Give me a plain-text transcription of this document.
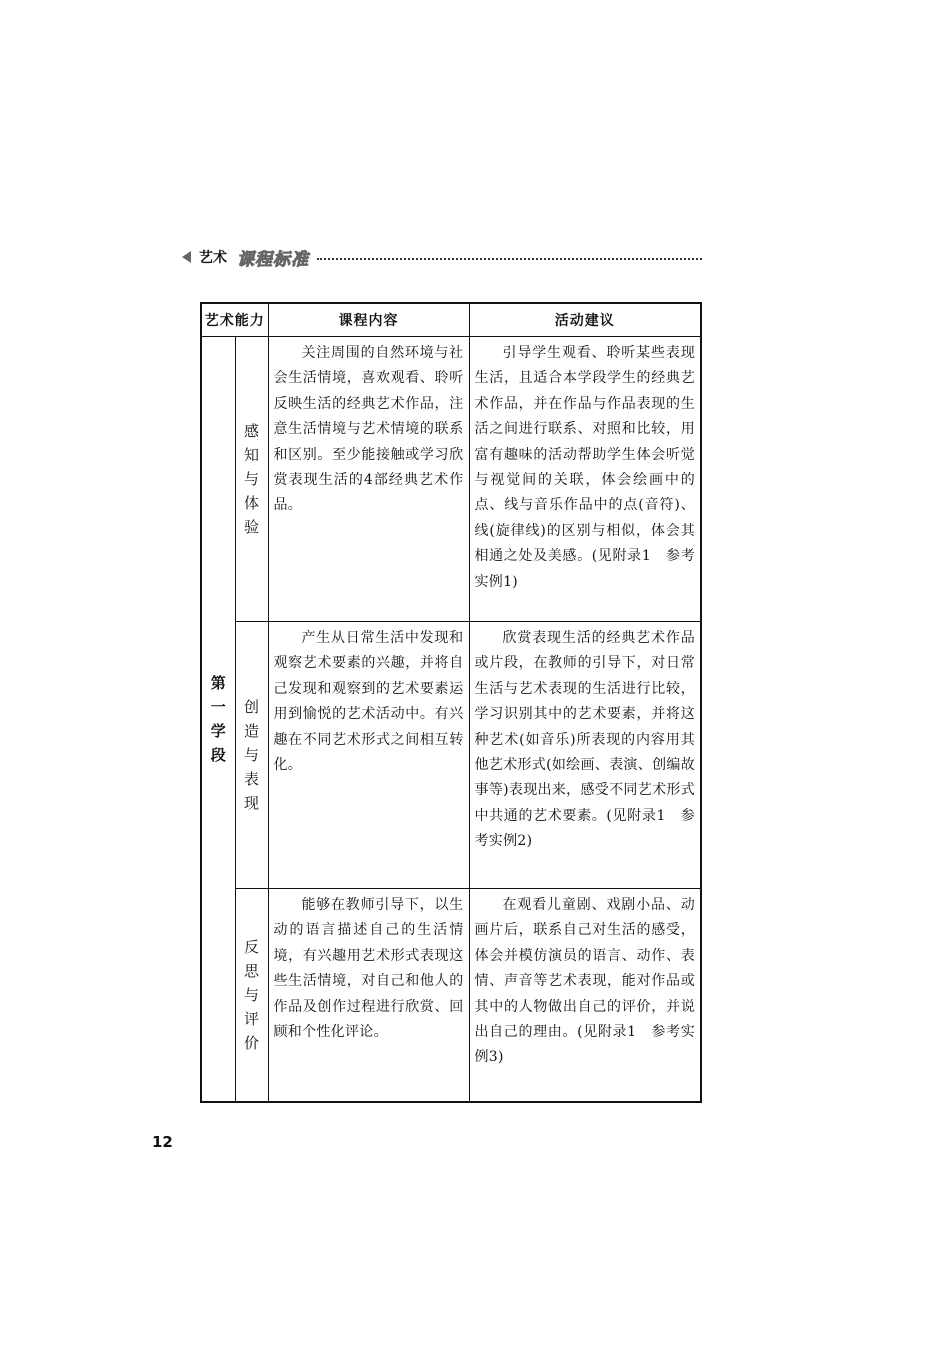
艺术 课程标准
艺术能力		课程内容	活动建议
第一学段	感知与体验	关注周围的自然环境与社会生活情境，喜欢观看、聆听反映生活的经典艺术作品，注意生活情境与艺术情境的联系和区别。至少能接触或学习欣赏表现生活的4部经典艺术作品。	引导学生观看、聆听某些表现生活，且适合本学段学生的经典艺术作品，并在作品与作品表现的生活之间进行联系、对照和比较，用富有趣味的活动帮助学生体会听觉与视觉间的关联，体会绘画中的点、线与音乐作品中的点(音符)、线(旋律线)的区别与相似，体会其相通之处及美感。(见附录1　参考实例1)
	创造与表现	产生从日常生活中发现和观察艺术要素的兴趣，并将自己发现和观察到的艺术要素运用到愉悦的艺术活动中。有兴趣在不同艺术形式之间相互转化。	欣赏表现生活的经典艺术作品或片段，在教师的引导下，对日常生活与艺术表现的生活进行比较，学习识别其中的艺术要素，并将这种艺术(如音乐)所表现的内容用其他艺术形式(如绘画、表演、创编故事等)表现出来，感受不同艺术形式中共通的艺术要素。(见附录1　参考实例2)
	反思与评价	能够在教师引导下，以生动的语言描述自己的生活情境，有兴趣用艺术形式表现这些生活情境，对自己和他人的作品及创作过程进行欣赏、回顾和个性化评论。	在观看儿童剧、戏剧小品、动画片后，联系自己对生活的感受，体会并模仿演员的语言、动作、表情、声音等艺术表现，能对作品或其中的人物做出自己的评价，并说出自己的理由。(见附录1　参考实例3)
12
